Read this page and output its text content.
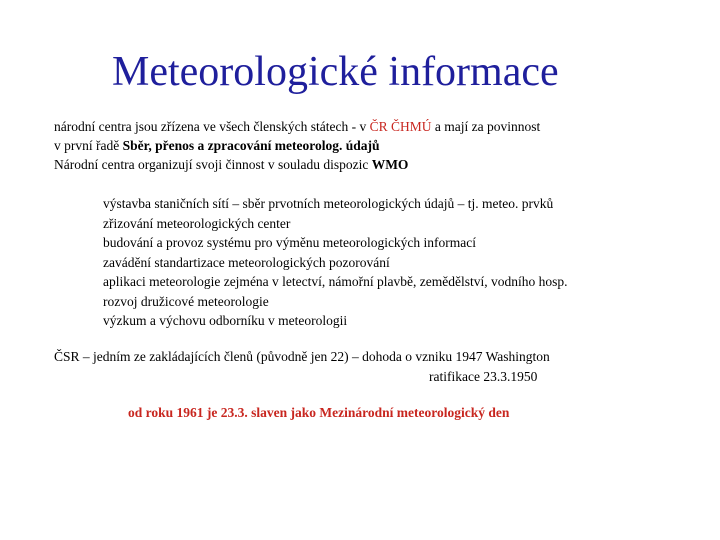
Meteorologické informace
národní centra jsou zřízena ve všech členských státech - v ČR ČHMÚ a mají za povinnost
v první řadě Sběr, přenos a zpracování meteorolog. údajů
Národní centra organizují svoji činnost v souladu dispozic WMO
výstavba staničních sítí – sběr prvotních meteorologických údajů – tj. meteo. prvků
zřizování meteorologických center
budování a provoz systému pro výměnu meteorologických informací
zavádění standartizace meteorologických pozorování
aplikaci meteorologie zejména v letectví, námořní plavbě, zemědělství, vodního hosp.
rozvoj družicové meteorologie
výzkum a výchovu odborníku v meteorologii
ČSR – jedním ze zakládajících členů (původně jen 22) – dohoda o vzniku 1947 Washington
ratifikace 23.3.1950
od roku 1961 je 23.3. slaven jako Mezinárodní meteorologický den
